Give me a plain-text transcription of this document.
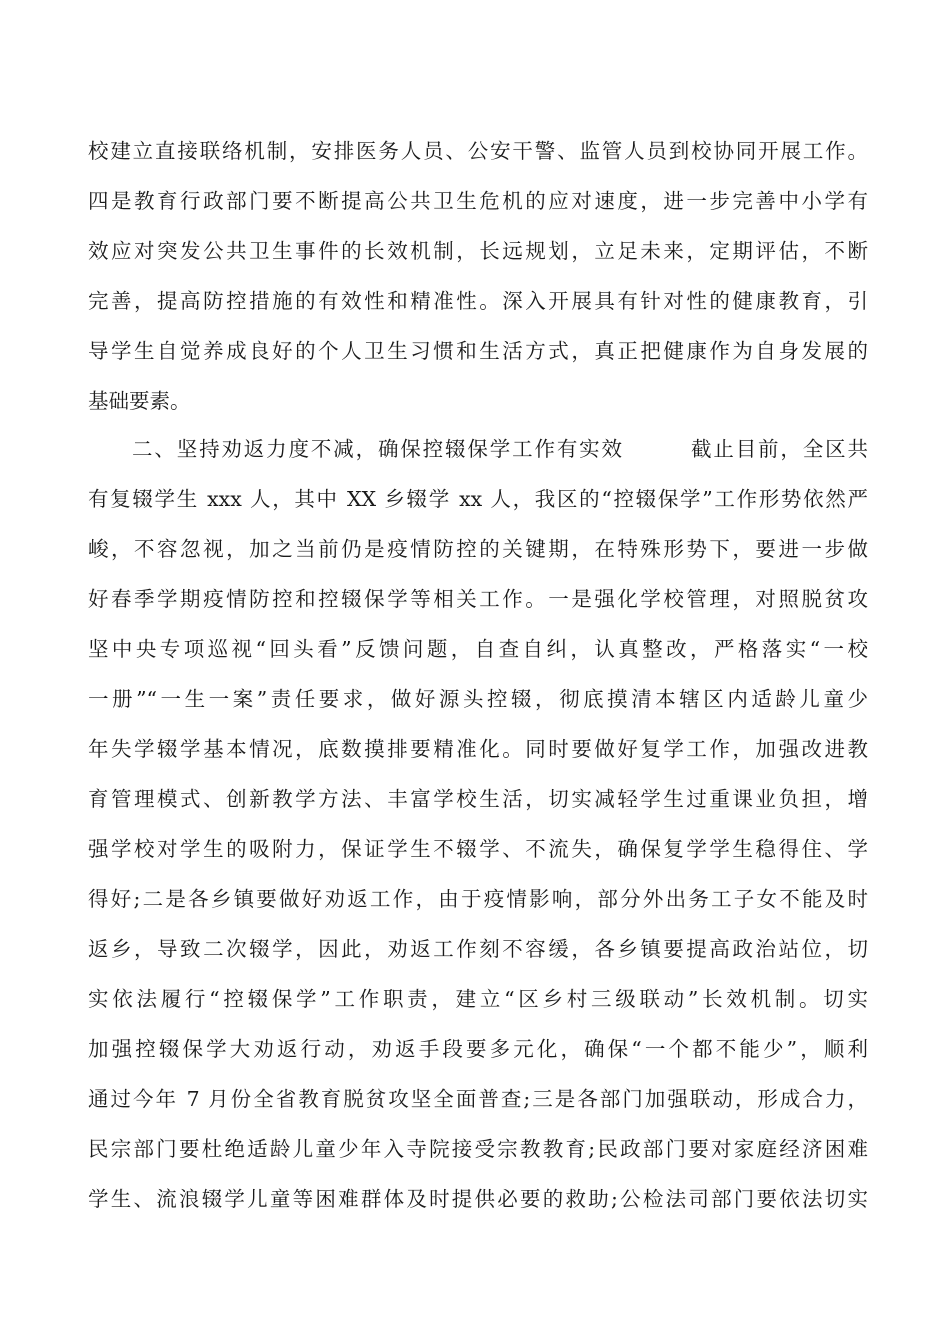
校建立直接联络机制，安排医务人员、公安干警、监管人员到校协同开展工作。
四是教育行政部门要不断提高公共卫生危机的应对速度，进一步完善中小学有
效应对突发公共卫生事件的长效机制，长远规划，立足未来，定期评估，不断
完善，提高防控措施的有效性和精准性。深入开展具有针对性的健康教育，引
导学生自觉养成良好的个人卫生习惯和生活方式，真正把健康作为自身发展的
基础要素。
二、坚持劝返力度不减，确保控辍保学工作有实效　　　截止目前，全区共
有复辍学生 xxx 人，其中 XX 乡辍学 xx 人，我区的“控辍保学”工作形势依然严
峻，不容忽视，加之当前仍是疫情防控的关键期，在特殊形势下，要进一步做
好春季学期疫情防控和控辍保学等相关工作。一是强化学校管理，对照脱贫攻
坚中央专项巡视“回头看”反馈问题，自查自纠，认真整改，严格落实“一校
一册”“一生一案”责任要求，做好源头控辍，彻底摸清本辖区内适龄儿童少
年失学辍学基本情况，底数摸排要精准化。同时要做好复学工作，加强改进教
育管理模式、创新教学方法、丰富学校生活，切实减轻学生过重课业负担，增
强学校对学生的吸附力，保证学生不辍学、不流失，确保复学学生稳得住、学
得好;二是各乡镇要做好劝返工作，由于疫情影响，部分外出务工子女不能及时
返乡，导致二次辍学，因此，劝返工作刻不容缓，各乡镇要提高政治站位，切
实依法履行“控辍保学”工作职责，建立“区乡村三级联动”长效机制。切实
加强控辍保学大劝返行动，劝返手段要多元化，确保“一个都不能少”，顺利
通过今年 7 月份全省教育脱贫攻坚全面普查;三是各部门加强联动，形成合力，
民宗部门要杜绝适龄儿童少年入寺院接受宗教教育;民政部门要对家庭经济困难
学生、流浪辍学儿童等困难群体及时提供必要的救助;公检法司部门要依法切实
